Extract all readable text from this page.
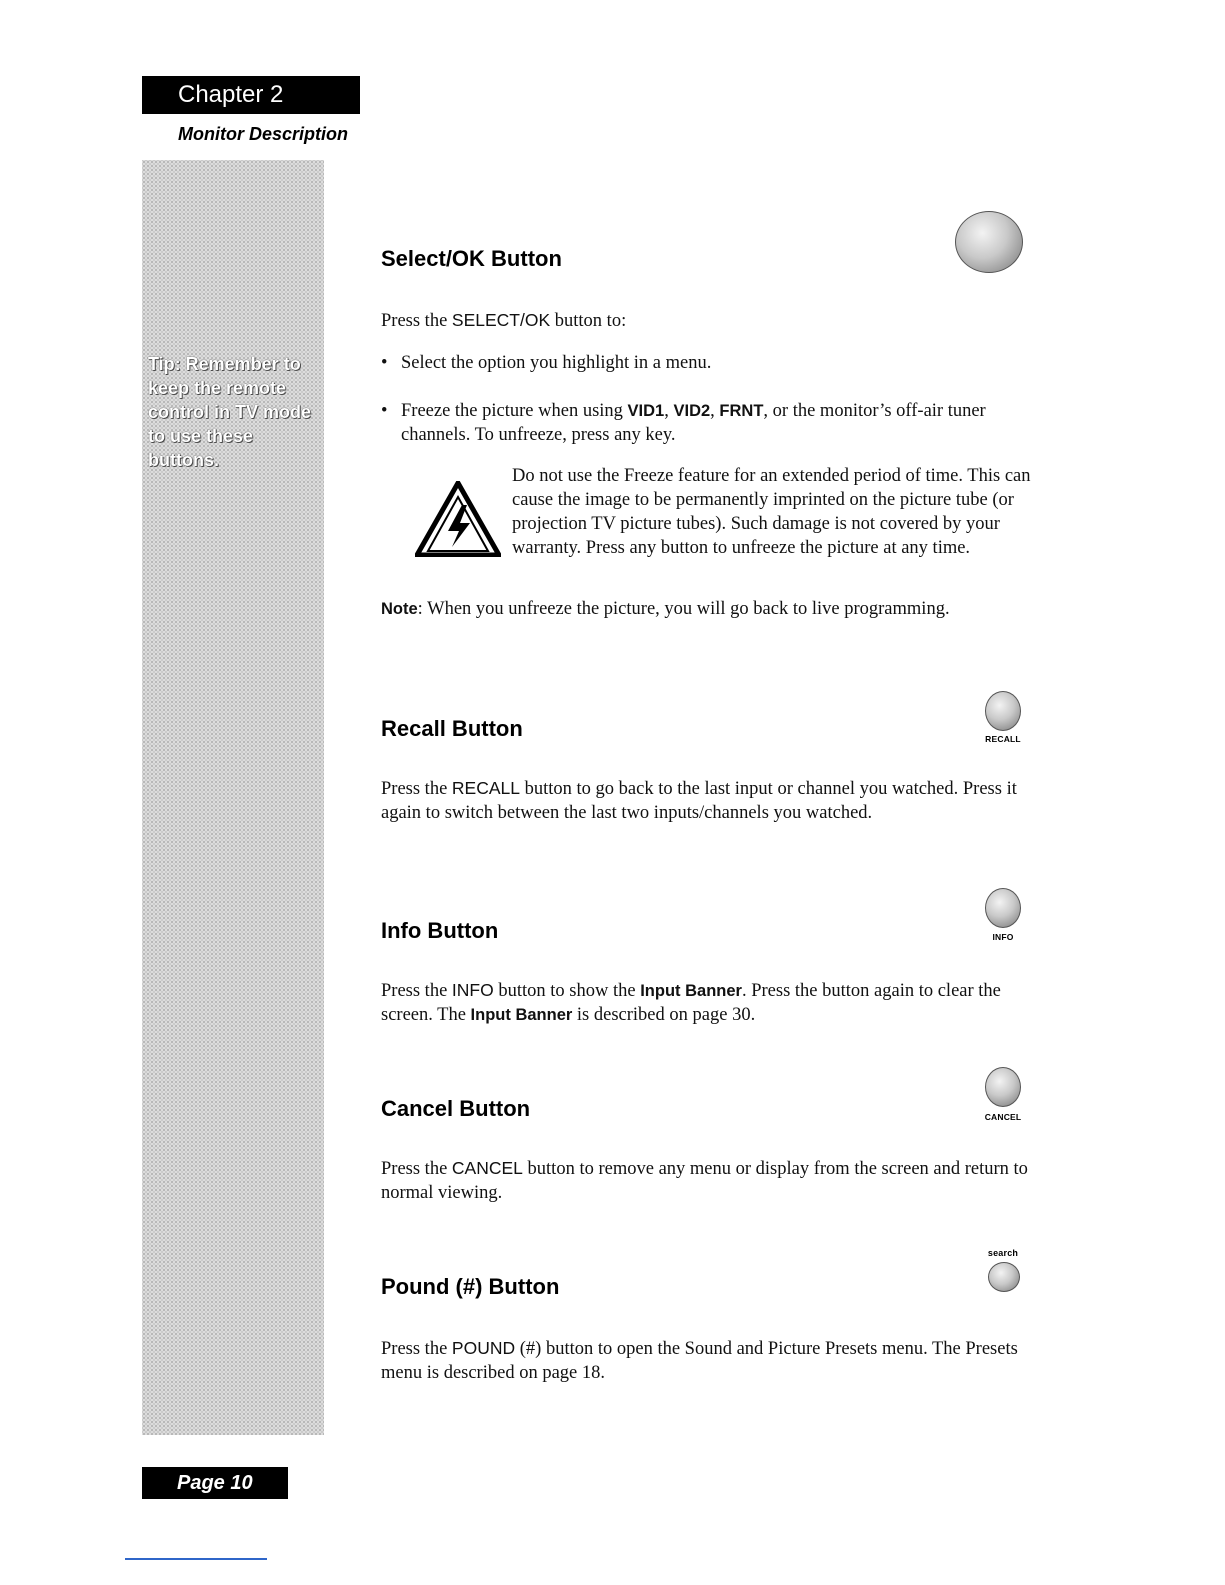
Chapter 2
Monitor Description
Tip: Remember to keep the remote control in TV mode to use these buttons.
Select/OK Button

Press the SELECT/OK button to:

• Select the option you highlight in a menu.
• Freeze the picture when using VID1, VID2, FRNT, or the monitor’s off-air tuner channels. To unfreeze, press any key.
Do not use the Freeze feature for an extended period of time. This can cause the image to be permanently imprinted on the picture tube (or projection TV picture tubes). Such damage is not covered by your warranty. Press any button to unfreeze the picture at any time.

Note: When you unfreeze the picture, you will go back to live programming.

Recall Button	RECALL

Press the RECALL button to go back to the last input or channel you watched. Press it again to switch between the last two inputs/channels you watched.

Info Button	INFO

Press the INFO button to show the Input Banner. Press the button again to clear the screen. The Input Banner is described on page 30.

Cancel Button	CANCEL

Press the CANCEL button to remove any menu or display from the screen and return to normal viewing.

Pound (#) Button
search

Press the POUND (#) button to open the Sound and Picture Presets menu. The Presets menu is described on page 18.

Page 10
